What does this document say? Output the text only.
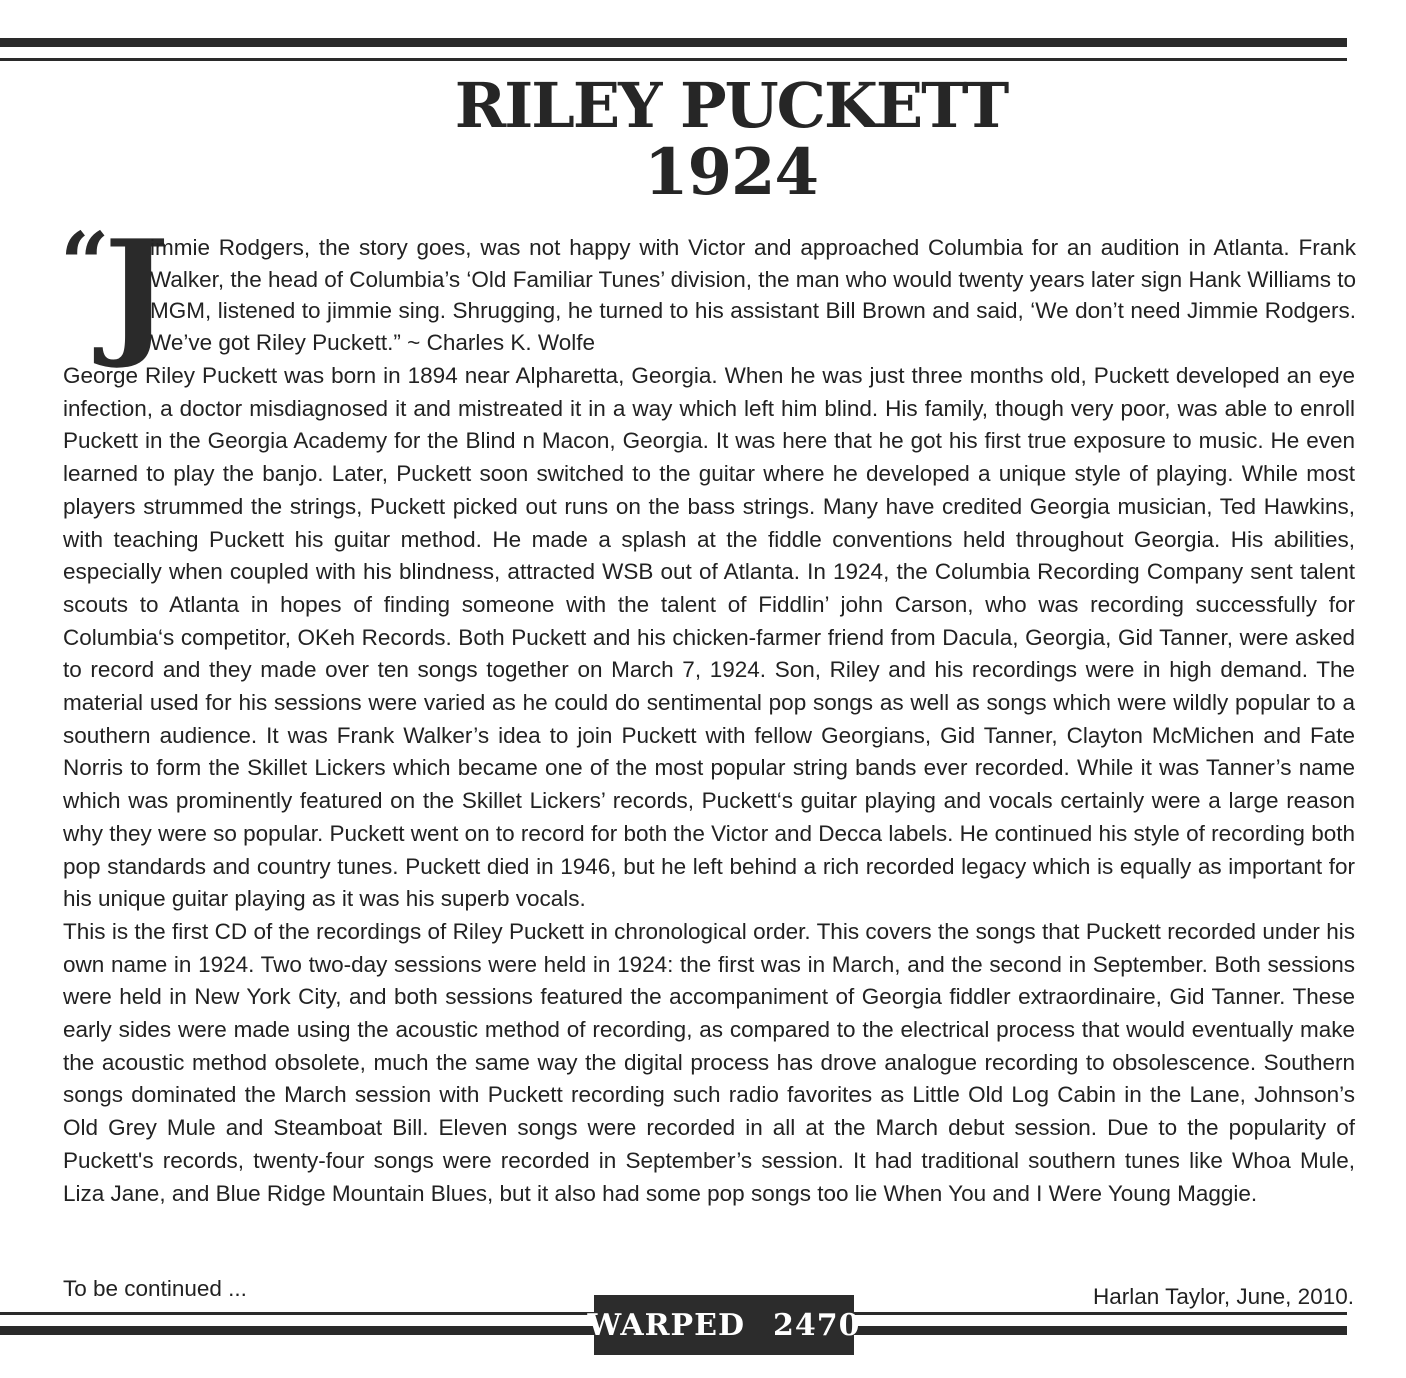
RILEY PUCKETT
1924
“
J
immie Rodgers, the story goes, was not happy with Victor and approached Columbia for an audition in Atlanta. Frank Walker, the head of Columbia’s ‘Old Familiar Tunes’ division, the man who would twenty years later sign Hank Williams to MGM, listened to jimmie sing. Shrugging, he turned to his assistant Bill Brown and said, ‘We don’t need Jimmie Rodgers. We’ve got Riley Puckett.” ~ Charles K. Wolfe

George Riley Puckett was born in 1894 near Alpharetta, Georgia. When he was just three months old, Puckett developed an eye infection, a doctor misdiagnosed it and mistreated it in a way which left him blind. His family, though very poor, was able to enroll Puckett in the Georgia Academy for the Blind n Macon, Georgia. It was here that he got his first true exposure to music. He even learned to play the banjo. Later, Puckett soon switched to the guitar where he developed a unique style of playing. While most players strummed the strings, Puckett picked out runs on the bass strings. Many have credited Georgia musician, Ted Hawkins, with teaching Puckett his guitar method. He made a splash at the fiddle conventions held throughout Georgia. His abilities, especially when coupled with his blindness, attracted WSB out of Atlanta. In 1924, the Columbia Recording Company sent talent scouts to Atlanta in hopes of finding someone with the talent of Fiddlin’ john Carson, who was recording successfully for Columbia‘s competitor, OKeh Records. Both Puckett and his chicken-farmer friend from Dacula, Georgia, Gid Tanner, were asked to record and they made over ten songs together on March 7, 1924. Son, Riley and his recordings were in high demand. The material used for his sessions were varied as he could do sentimental pop songs as well as songs which were wildly popular to a southern audience. It was Frank Walker’s idea to join Puckett with fellow Georgians, Gid Tanner, Clayton McMichen and Fate Norris to form the Skillet Lickers which became one of the most popular string bands ever recorded. While it was Tanner’s name which was prominently featured on the Skillet Lickers’ records, Puckett‘s guitar playing and vocals certainly were a large reason why they were so popular. Puckett went on to record for both the Victor and Decca labels. He continued his style of recording both pop standards and country tunes. Puckett died in 1946, but he left behind a rich recorded legacy which is equally as important for his unique guitar playing as it was his superb vocals.

This is the first CD of the recordings of Riley Puckett in chronological order. This covers the songs that Puckett recorded under his own name in 1924. Two two-day sessions were held in 1924: the first was in March, and the second in September. Both sessions were held in New York City, and both sessions featured the accompaniment of Georgia fiddler extraordinaire, Gid Tanner. These early sides were made using the acoustic method of recording, as compared to the electrical process that would eventually make the acoustic method obsolete, much the same way the digital process has drove analogue recording to obsolescence. Southern songs dominated the March session with Puckett recording such radio favorites as Little Old Log Cabin in the Lane, Johnson’s Old Grey Mule and Steamboat Bill. Eleven songs were recorded in all at the March debut session. Due to the popularity of Puckett's records, twenty-four songs were recorded in September’s session. It had traditional southern tunes like Whoa Mule, Liza Jane, and Blue Ridge Mountain Blues, but it also had some pop songs too lie When You and I Were Young Maggie.

To be continued ...	Harlan Taylor, June, 2010.
WARPED 2470
